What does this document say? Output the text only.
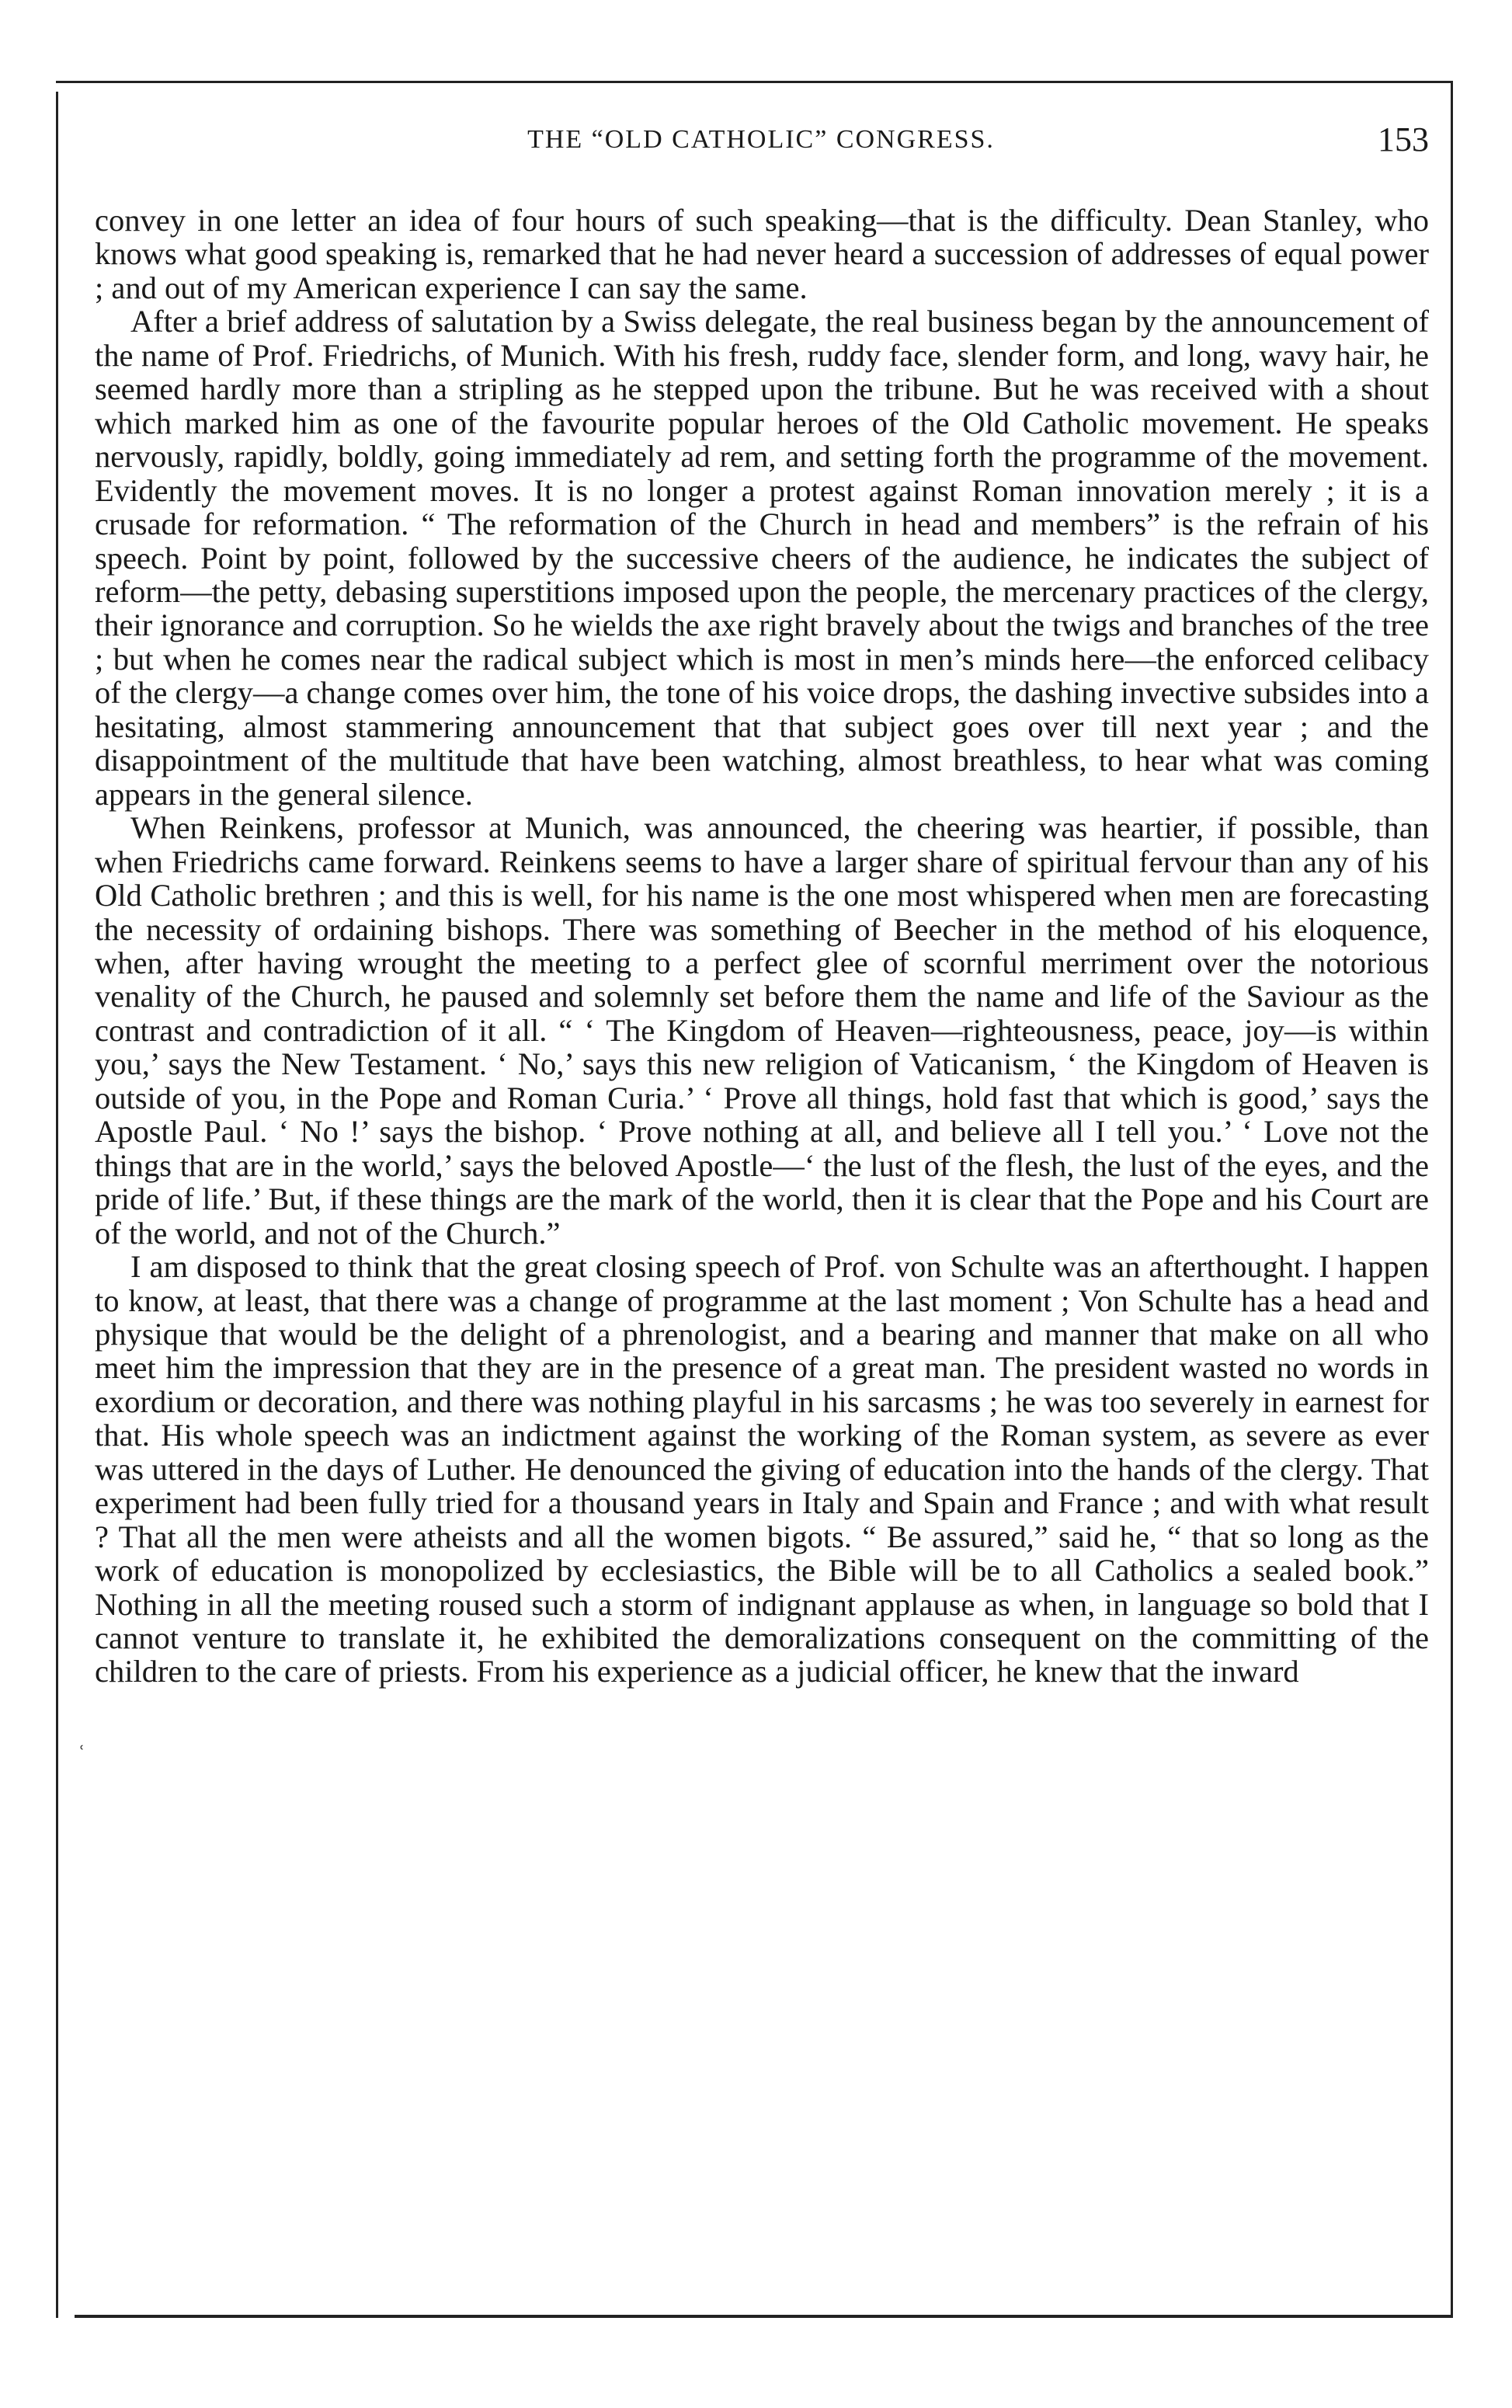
THE “OLD CATHOLIC” CONGRESS.	153
ʿ

convey in one letter an idea of four hours of such speaking—that is the difficulty. Dean Stanley, who knows what good speaking is, remarked that he had never heard a succession of addresses of equal power ; and out of my American experience I can say the same.

After a brief address of salutation by a Swiss delegate, the real business began by the announcement of the name of Prof. Friedrichs, of Munich. With his fresh, ruddy face, slender form, and long, wavy hair, he seemed hardly more than a stripling as he stepped upon the tribune. But he was received with a shout which marked him as one of the favourite popular heroes of the Old Catholic movement. He speaks nervously, rapidly, boldly, going immediately ad rem, and setting forth the programme of the movement. Evidently the movement moves. It is no longer a protest against Roman innovation merely ; it is a crusade for reformation. “ The reformation of the Church in head and members” is the refrain of his speech. Point by point, followed by the successive cheers of the audience, he indicates the subject of reform—the petty, debasing superstitions imposed upon the people, the mercenary practices of the clergy, their ignorance and corruption. So he wields the axe right bravely about the twigs and branches of the tree ; but when he comes near the radical subject which is most in men’s minds here—the enforced celibacy of the clergy—a change comes over him, the tone of his voice drops, the dashing invective subsides into a hesitating, almost stammering announcement that that subject goes over till next year ; and the disappointment of the multitude that have been watching, almost breathless, to hear what was coming appears in the general silence.

When Reinkens, professor at Munich, was announced, the cheering was heartier, if possible, than when Friedrichs came forward. Reinkens seems to have a larger share of spiritual fervour than any of his Old Catholic brethren ; and this is well, for his name is the one most whispered when men are forecasting the necessity of ordaining bishops. There was something of Beecher in the method of his eloquence, when, after having wrought the meeting to a perfect glee of scornful merriment over the notorious venality of the Church, he paused and solemnly set before them the name and life of the Saviour as the contrast and contradiction of it all. “ ‘ The Kingdom of Heaven—righteousness, peace, joy—is within you,’ says the New Testament. ‘ No,’ says this new religion of Vaticanism, ‘ the Kingdom of Heaven is outside of you, in the Pope and Roman Curia.’ ‘ Prove all things, hold fast that which is good,’ says the Apostle Paul. ‘ No !’ says the bishop. ‘ Prove nothing at all, and believe all I tell you.’ ‘ Love not the things that are in the world,’ says the beloved Apostle—‘ the lust of the flesh, the lust of the eyes, and the pride of life.’ But, if these things are the mark of the world, then it is clear that the Pope and his Court are of the world, and not of the Church.”

I am disposed to think that the great closing speech of Prof. von Schulte was an afterthought. I happen to know, at least, that there was a change of programme at the last moment ; Von Schulte has a head and physique that would be the delight of a phrenologist, and a bearing and manner that make on all who meet him the impression that they are in the presence of a great man. The president wasted no words in exordium or decoration, and there was nothing playful in his sarcasms ; he was too severely in earnest for that. His whole speech was an indictment against the working of the Roman system, as severe as ever was uttered in the days of Luther. He denounced the giving of education into the hands of the clergy. That experiment had been fully tried for a thousand years in Italy and Spain and France ; and with what result ? That all the men were atheists and all the women bigots. “ Be assured,” said he, “ that so long as the work of education is monopolized by ecclesiastics, the Bible will be to all Catholics a sealed book.” Nothing in all the meeting roused such a storm of indignant applause as when, in language so bold that I cannot venture to translate it, he exhibited the demoralizations consequent on the committing of the children to the care of priests. From his experience as a judicial officer, he knew that the inward
